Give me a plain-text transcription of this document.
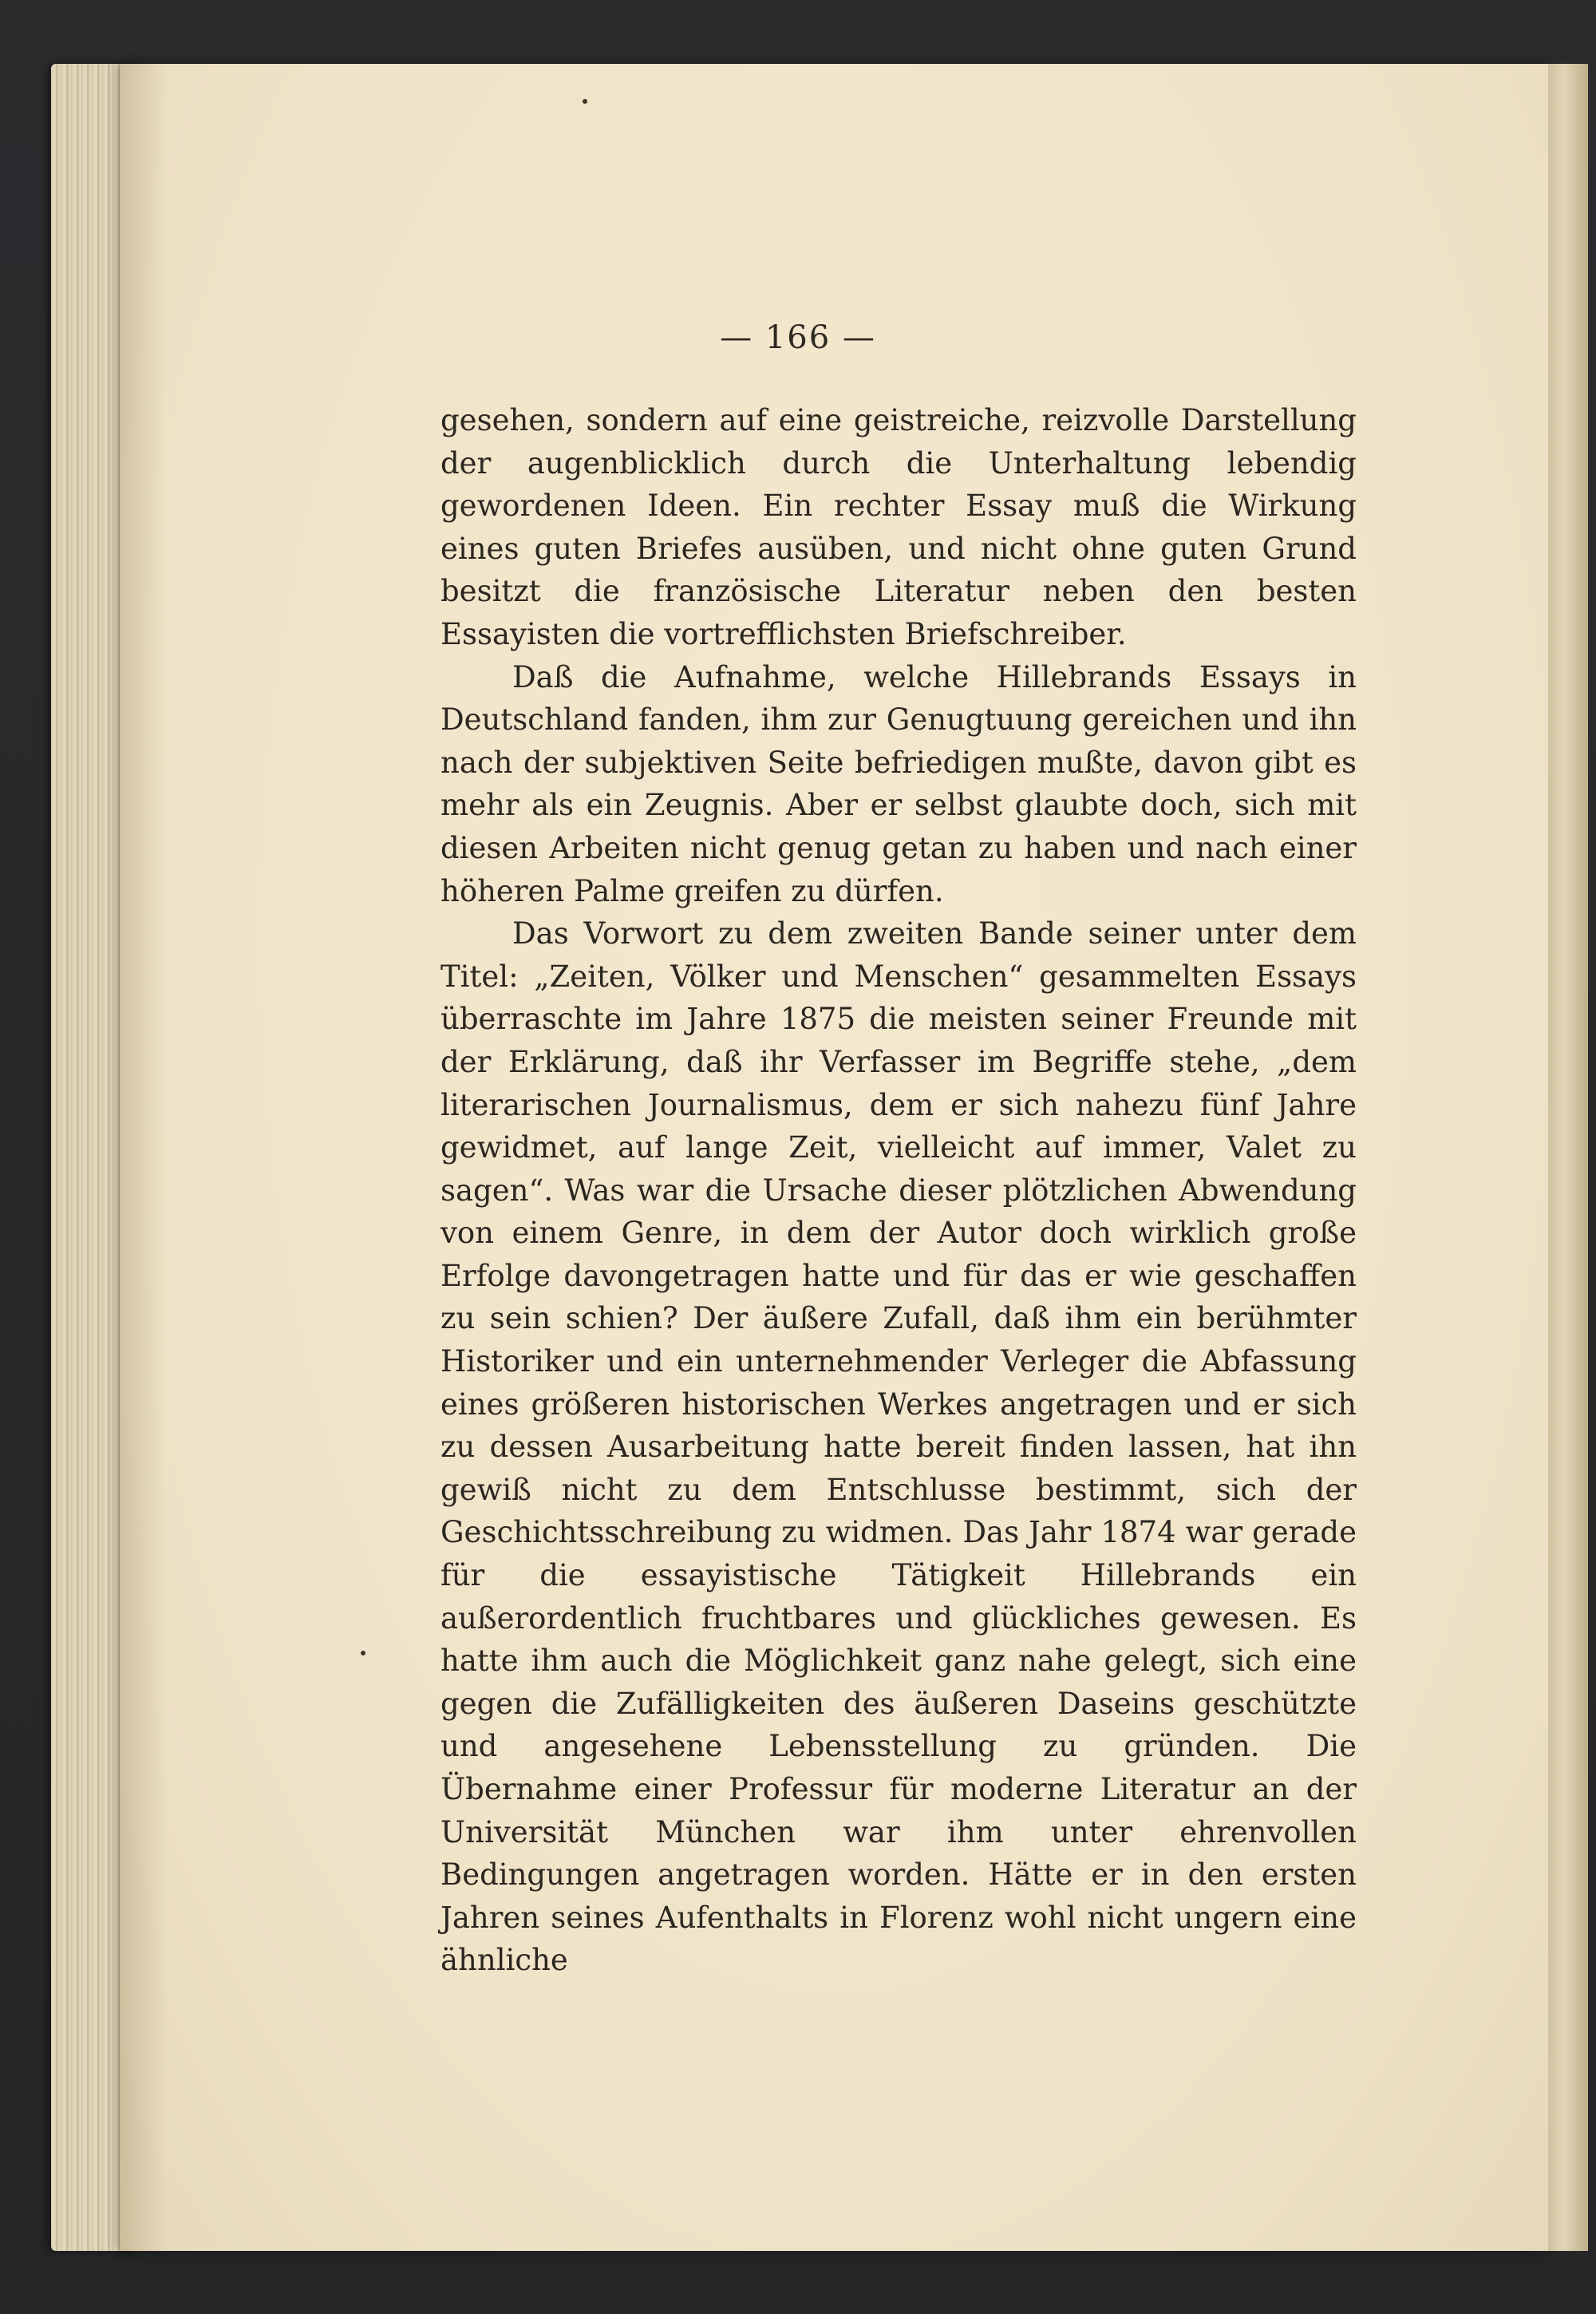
— 166 —

gesehen, sondern auf eine geistreiche, reizvolle Darstellung der augenblicklich durch die Unterhaltung lebendig gewordenen Ideen. Ein rechter Essay muß die Wirkung eines guten Briefes ausüben, und nicht ohne guten Grund besitzt die französische Literatur neben den besten Essayisten die vortrefflichsten Briefschreiber.

Daß die Aufnahme, welche Hillebrands Essays in Deutschland fanden, ihm zur Genugtuung gereichen und ihn nach der subjektiven Seite befriedigen mußte, davon gibt es mehr als ein Zeugnis. Aber er selbst glaubte doch, sich mit diesen Arbeiten nicht genug getan zu haben und nach einer höheren Palme greifen zu dürfen.

Das Vorwort zu dem zweiten Bande seiner unter dem Titel: „Zeiten, Völker und Menschen“ gesammelten Essays überraschte im Jahre 1875 die meisten seiner Freunde mit der Erklärung, daß ihr Verfasser im Begriffe stehe, „dem literarischen Journalismus, dem er sich nahezu fünf Jahre gewidmet, auf lange Zeit, vielleicht auf immer, Valet zu sagen“. Was war die Ursache dieser plötzlichen Abwendung von einem Genre, in dem der Autor doch wirklich große Erfolge davongetragen hatte und für das er wie geschaffen zu sein schien? Der äußere Zufall, daß ihm ein berühmter Historiker und ein unternehmender Verleger die Abfassung eines größeren historischen Werkes angetragen und er sich zu dessen Ausarbeitung hatte bereit finden lassen, hat ihn gewiß nicht zu dem Entschlusse bestimmt, sich der Geschichtsschreibung zu widmen. Das Jahr 1874 war gerade für die essayistische Tätigkeit Hillebrands ein außerordentlich fruchtbares und glückliches gewesen. Es hatte ihm auch die Möglichkeit ganz nahe gelegt, sich eine gegen die Zufälligkeiten des äußeren Daseins geschützte und angesehene Lebensstellung zu gründen. Die Übernahme einer Professur für moderne Literatur an der Universität München war ihm unter ehrenvollen Bedingungen angetragen worden. Hätte er in den ersten Jahren seines Aufenthalts in Florenz wohl nicht ungern eine ähnliche
